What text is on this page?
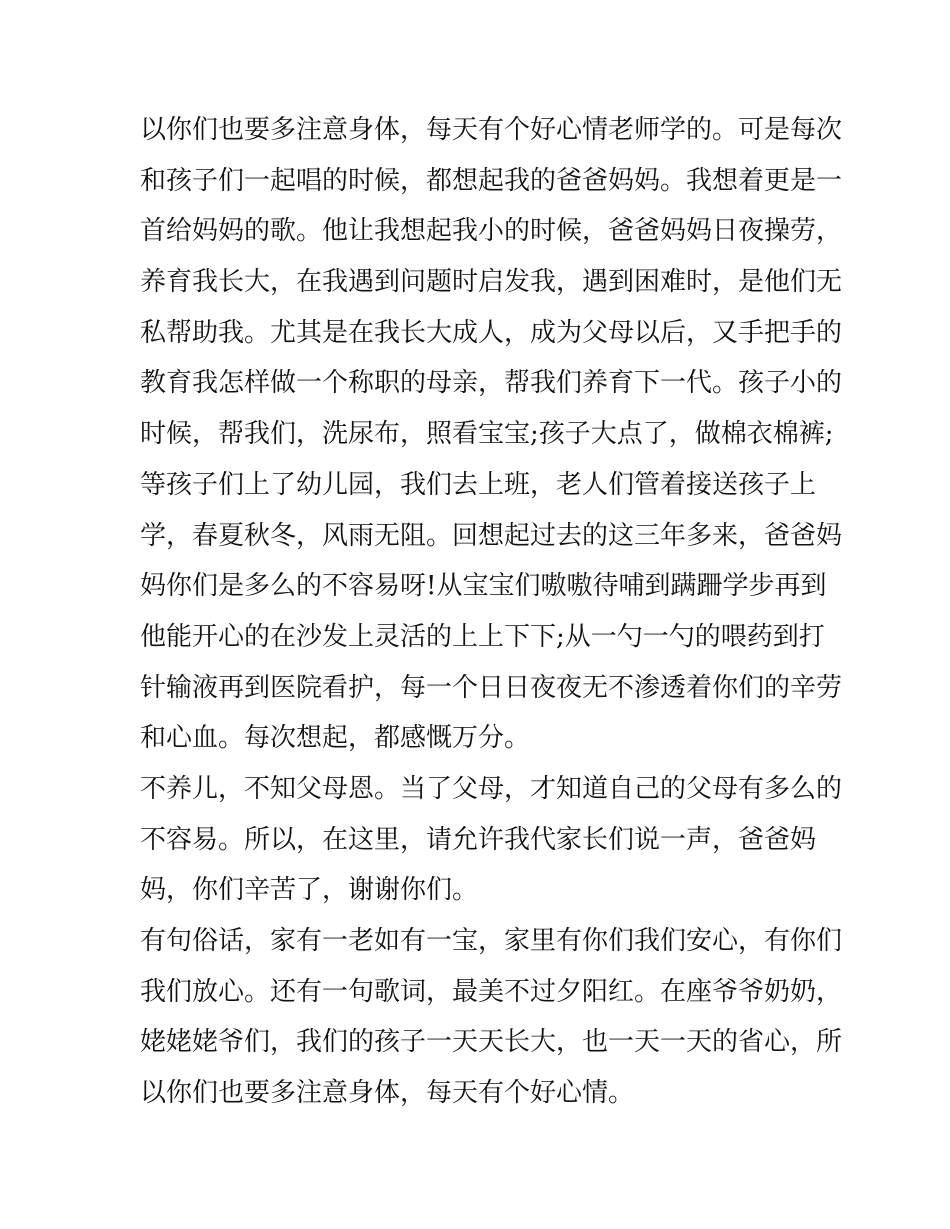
以你们也要多注意身体，每天有个好心情老师学的。可是每次
和孩子们一起唱的时候，都想起我的爸爸妈妈。我想着更是一
首给妈妈的歌。他让我想起我小的时候，爸爸妈妈日夜操劳，
养育我长大，在我遇到问题时启发我，遇到困难时，是他们无
私帮助我。尤其是在我长大成人，成为父母以后，又手把手的
教育我怎样做一个称职的母亲，帮我们养育下一代。孩子小的
时候，帮我们，洗尿布，照看宝宝;孩子大点了，做棉衣棉裤;
等孩子们上了幼儿园，我们去上班，老人们管着接送孩子上
学，春夏秋冬，风雨无阻。回想起过去的这三年多来，爸爸妈
妈你们是多么的不容易呀!从宝宝们嗷嗷待哺到蹒跚学步再到
他能开心的在沙发上灵活的上上下下;从一勺一勺的喂药到打
针输液再到医院看护，每一个日日夜夜无不渗透着你们的辛劳
和心血。每次想起，都感慨万分。
不养儿，不知父母恩。当了父母，才知道自己的父母有多么的
不容易。所以，在这里，请允许我代家长们说一声，爸爸妈
妈，你们辛苦了，谢谢你们。
有句俗话，家有一老如有一宝，家里有你们我们安心，有你们
我们放心。还有一句歌词，最美不过夕阳红。在座爷爷奶奶，
姥姥姥爷们，我们的孩子一天天长大，也一天一天的省心，所
以你们也要多注意身体，每天有个好心情。
